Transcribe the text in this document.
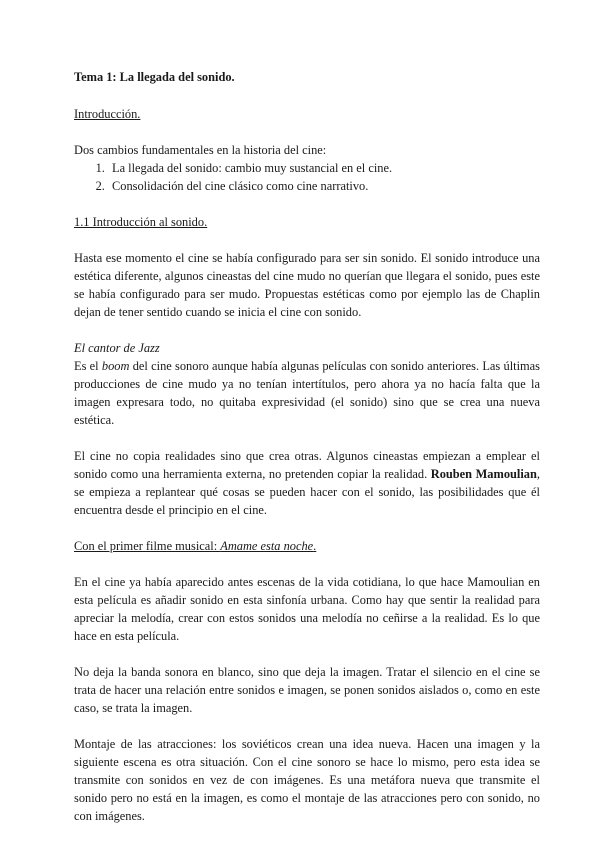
Tema 1: La llegada del sonido.
Introducción.
Dos cambios fundamentales en la historia del cine:
1. La llegada del sonido: cambio muy sustancial en el cine.
2. Consolidación del cine clásico como cine narrativo.
1.1 Introducción al sonido.

Hasta ese momento el cine se había configurado para ser sin sonido. El sonido introduce una estética diferente, algunos cineastas del cine mudo no querían que llegara el sonido, pues este se había configurado para ser mudo. Propuestas estéticas como por ejemplo las de Chaplin dejan de tener sentido cuando se inicia el cine con sonido.

El cantor de Jazz

Es el boom del cine sonoro aunque había algunas películas con sonido anteriores. Las últimas producciones de cine mudo ya no tenían intertítulos, pero ahora ya no hacía falta que la imagen expresara todo, no quitaba expresividad (el sonido) sino que se crea una nueva estética.

El cine no copia realidades sino que crea otras. Algunos cineastas empiezan a emplear el sonido como una herramienta externa, no pretenden copiar la realidad. Rouben Mamoulian, se empieza a replantear qué cosas se pueden hacer con el sonido, las posibilidades que él encuentra desde el principio en el cine.

Con el primer filme musical: Amame esta noche.

En el cine ya había aparecido antes escenas de la vida cotidiana, lo que hace Mamoulian en esta película es añadir sonido en esta sinfonía urbana. Como hay que sentir la realidad para apreciar la melodía, crear con estos sonidos una melodía no ceñirse a la realidad. Es lo que hace en esta película.

No deja la banda sonora en blanco, sino que deja la imagen. Tratar el silencio en el cine se trata de hacer una relación entre sonidos e imagen, se ponen sonidos aislados o, como en este caso, se trata la imagen.

Montaje de las atracciones: los soviéticos crean una idea nueva. Hacen una imagen y la siguiente escena es otra situación. Con el cine sonoro se hace lo mismo, pero esta idea se transmite con sonidos en vez de con imágenes. Es una metáfora nueva que transmite el sonido pero no está en la imagen, es como el montaje de las atracciones pero con sonido, no con imágenes.
